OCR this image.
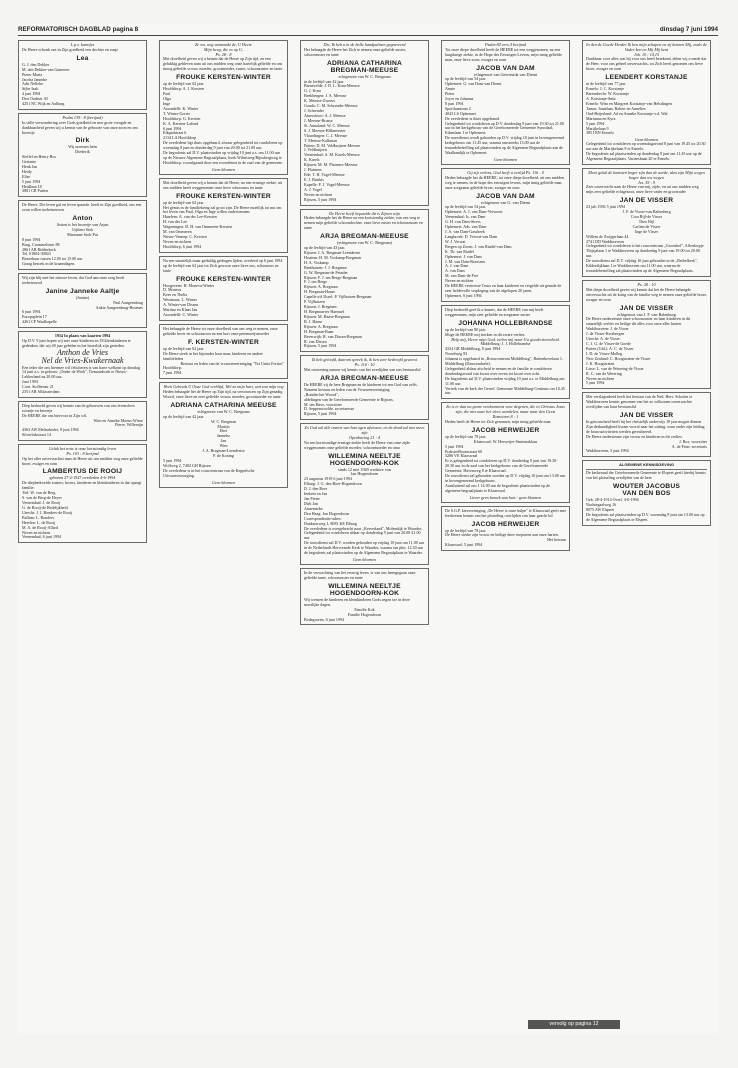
REFORMATORISCH DAGBLAD pagina 8	dinsdag 7 juni 1994
L.p.v. kaartjes
De Heere schonk ons in Zijn goedheid een dochter en zusje
Lea
G. J. den Dekker
M. den Dekker-van Gameren
Pieter Maria
Jacoba Janneke
Adri Nelleke
Sijbe Izak
4 juni 1994
Den Oudestr 30
4251 NC Wijk en Aalburg
Psalm 139 : 8 (berijmd)
In stille verwondering over Gods goedheid en met grote vreugde en dankbaarheid geven wij u kennis van de geboorte van onze zoon en ons broertje
Dirk
Wij noemen hem
Diederik
Steffel en Henry Bos
Geriante
Henk Jan
Heidy
Elise
5 juni 1994
Heidlaan 18
3881 CB Putten
De Heere, Die leven gaf en leven spaarde, heeft in Zijn goedheid, ons een zoon willen toebetrouwen
Anton
Anton is het broertje van Arjan
Gijsbert Stok
Marianne Stok-Put
8 juni 1994
Burg. Crommelinstr 88
2861 AB Ridderkerk
Tel. 01804-30843
Bezoekuur tussen 12.00 tot 15.00 uur
Graag bezoek in de kraamdagen.
Wij zijn blij met het nieuwe leven, dat God aan onze zorg heeft toebetrouwd
Janine Janneke Aaltje
(Janine)
Paul Aangeenbrug
Ankie Aangeenbrug-Houmes
6 juni 1994
Europaplein 17
4261 CP Waalkapelle
1954 In plaats van kaarten 1994
Op D.V. 9 juni hopen wij met onze kinderen en 18 kleinkinderen te gedenken, dat wij 40 jaar geleden in het huwelijk zijn getreden.
Anthon de Vries
Nel de Vries-Kwakernaak
Een ieder die ons hiermee wil feliciteren is van harte welkom op dinsdag 14 juni a.s. in gebouw „Onder de Wiek", Tiemanshoek te Nieuw-Lekkerland na 20.00 uur.
Juni 1994
Corn. Stolltenstr 21
2351 AB Alblasserdam
Diep bedroefd geven wij kennis van de gebouwen van ons levenslove zoontje en broertje.
De HEERE die ons hiervoor in Zijn wil.
Wim en Anneke Moens-Wiese
Pierre, Willemijn
4363 AW Melisekerke, 8 juni 1994
Silverbrkstraat 14
Geluk het trots is onze kortstondig leven
Ps. 103 : 8 berijmd
Op het aller onverwachtst nam de Heere uit ons midden weg onze geliefde broer, zwager en oom
LAMBERTUS DE ROOIJ
geboren 27-2-1927 overleden 4-6-1994
De diepbedroefde zusters, broers, kinderen en kleinkinderen in dat opzegt familie:
Tiel: W. van de Berg
S. van de Berg-de Heyer
Veenendaal: J. de Rooij
G. de Rooij-de Bedelijkheid
Utrecht: J. J. Bonders-de Rooij
Ballum: L. Ronders
Heerlen: L. de Rooij
M. A. de Rooij-Allard
Neven en nichten
Veenendaal, 6 juni 1994
Ze wo, nog vanmaakt de, U Heere
Mijn heeg, die ex op U,
Ps. 28 : 8
Met droefheid geven wij u kennis dat de Heere op Zijn tijd, en een gelukkig gebleven nam uit ons midden weg onze hartelijk geliefde en ons inoog geliefde vrouw, moeder, grootmoeder, zuster, schoonzuster en tante
FROUKE KERSTEN-WINTER
op de leeftijd van 62 jaar.
Hoofddorp: A. J. Kersten
Paul
Olga
Inge
Assendelft: K. Winter
T. Winter-Gorter
Hoofddorp: G. Kersten
K. A. Kersten-Lafond
6 juni 1994
Eikpadstraat 6
2134 LA Hoofddorp
De overledene ligt thuis opgebaard, alwaar gelegenheid tot condoleren op woensdag 8 juni en donderdag 9 juni van 20.00 tot 21.00 uur.
De begrafenis zal D.V. plaatsvinden op vrijdag 10 juni a.s. om 11.00 uur op de Nieuwe Algemene Begraafplaats, hoek Wilnisweg/Rijnsbergweg te Hoofddorp, voorafgaand door een rouwdienst in de zaal van de gemeente.
Geen bloemen
Met droefheid geven wij u kennis dat de Heere, na een ernstige ziekte, uit ons midden heeft weggenomen onze lieve schoonzus en tante
FROUKE KERSTEN-WINTER
op de leeftijd van 62 jaar.
Het gemis in de familiekring zal groot zijn. De Heere moeilijk tot nut om het leven van Paul, Olga en Inge willen ondersteunen.
Haarlem: A. van der Lee-Kersten
H. van der Lee
Wageningen: D. H. van Ommeren-Kersten
M. van Ommeren
Nieuw-Vennep: C. Kersten
Neven en nichten
Hoofddorp, 6 juni 1994
Na een smartelijk maar geduldig gedragen lijden, overleed op 6 juni 1994 op de leeftijd van 62 jaar tot Zich gewoon onze lieve zus, schoonzus en tante
FROUKE KERSTEN-WINTER
Hoogeveen: H. Moneva-Winter
D. Moneva
Kees en Thelia
Westmaas: L. Winter
A. Winter-van Dissen
Martina en Klaas Jan
Assendelft: C. Winter
Het behaagde de Heere tot onze droefheid van ons weg te nemen, onze geliefde broer en schoonzoon na een kort onze petemoeijsmoeder
F. KERSTEN-WINTER
op de leeftijd van 62 jaar.
De Heere steek in het bijzonder haar man, kinderen en andere familieleden
Bestuur en leden van de vrouwenvereniging "Via Unita Fortior"
Hoofddorp,
7 juni 1994
Week Gebreds U Onze God verblijd, Wel zo mijn hart, wat zou mijn oog
Heden behaagde het de Heere op Zijn tijd, na vertrouwen op Zijn genadig Woord, onze lieve en zeer geliefde vrouw, moeder, grootmoeder en tante
ADRIANA CATHARINA MEEUSE
echtgenote van W. C. Bregman
op de leeftijd van 42 jaar.
W. C. Bregman
Martijn
Eber
Janneke
Jan
Wim
J. A. Bregman-Leendertse
P. de Koning
5 juni 1994
Wolfweg 2, 7482 GH Rijssen
De overledene is in het rouwcentrum van de Keppelsche Uitvaartverzorging.
Geen bloemen
Die, Ik heb u in de holle handpalmen gegraveerd
Het behaagde de Heere het Zich te nemen onze geliefde zuster, schoonzuster en tante
ADRIANA CATHARINA
BREGMAN-MEEUSE
echtgenote van W. C. Bregman
in de leeftijd van 42 jaar.
Barnevelde: J. D. L. Krna-Meeuse
G. J. Krna
Beekbergen: J. A. Meeuse
K. Meeuse-Zwerus
Gouda: C. M. Schreuder-Meeuse
J. Schreuder
Amersfoort: A. J. Meeuse
J. Meeuse-Brusse
St. Annaland: W. C. Meeuse
S. J. Meeuse-Hilkmeester
Vlaardingen: C. J. Meeuse
T. Meeuse-Kalkman
Putten: D. M. Veldhuijzen-Meeuse
J. Veldhuijzen
Veenendaal: A. M. Karels-Meeuse
K. Karels
Rijssen: M. M. Plaimers-Meeuse
J. Plaimers
Ede: T. H. Vogel-Meeuse
E. J. Brinkis
Kapelle: F. J. Vogel-Meeuse
A. J. Vogel
Neven en nichten
Rijssen, 5 juni 1994
De Heere heeft bepaalde dit is Zijnen wijn
Heden behaagde het de Heere na een kortstondig ziekte, van ons weg te nemen mijn geliefde schoondochter, onze lieve zuster en schoonzuster en tante
ARJA BREGMAN-MEEUSE
(echtgenote van W. C. Bregman)
op de leeftijd van 43 jaar.
Rijssen: J. A. Bregman-Leendertse
Houtem: H. M. Voskamp-Bregman
H. A. Voskamp
Benthuizen: J. J. Bregman
G. W. Bregman-de Peinder
Rijssen: F. J. ten Berge-Bregman
F. J. ten Berge
Rijssen: A. Bregman
H. Bregman-Haase
Capelle a/d IJssel: P. Vijfhuizen-Bregman
P. Vijfhuizen
Rijssen: J. Bregman
H. Bregman-ter Harmsel
Rijssen: M. Haase-Bregman
B. J. Haase
Rijssen: A. Bregman
H. Bregman-Baan
Beverwijk: R. van Dissen-Bregman
R. van Dissen
Rijssen, 5 juni 1994
Ik heb geloofd, daarom spreek ik, ik ben zeer bedroefd geweest
Ps. 116 : 10
Met ontroering namen wij kennis van het overlijden van ons bestuurslid
ARJA BREGMAN-MEEUSE
De HEERE zij de here Bregman en de kinderen tot een God van zelfs.
Namens bestuur en leden van de Vrouwenvereniging
„Bonden het Woord",
afdelingen van de Gereformeerde Gemeente te Rijssen,
M. ten Have, voorzitter
D. Seppenwoolde, secretaresse
Rijssen, 5 juni 1994
Zo God zal alle tranen van hun ogen afwissen, en de dood zal niet meer zijn
Openbaring 21 : 4
Na een kortstondige ernstige ziekte heeft de Heere van onze zijde weggenomen onze geliefde moeder, schoonmoeder en oma
WILLEMINA NEELTJE
HOGENDOORN-KOK
sinds 12 mei 1949 weduwe van
Jan Hogendoorn
23 augustus 1919 6 juni 1994
Elburg: J. G. den Boer-Hogendoorn
D. J. den Boer
Ineketa en Jan
Jan Pieter
Dirk Jan
Annemieke
Den Haag: Jan Hogendoorn
Correspondentie-adres:
Danksterweg 1, 8081 KE Elburg
De overledene is overgebracht naar „Kerverland", Molendijk te Waarder.
Gelegenheid tot condoleren aldaar op donderdag 9 juni van 20.00-21.00 uur.
De rouwdienst zal D.V. worden gehouden op vrijdag 10 juni om 11.00 uur in de Nederlands Hervormde Kerk te Waarder, waarna om plm. 12.30 uur de begrafenis zal plaatsvinden op de Algemene Begraafplaats te Waarder.
Geen bloemen
In de verwachting van het eeuwig leven, is van ons heengegaan onze geliefde tante, schoonzuster en tante
WILLEMINA NEELTJE
HOGENDOORN-KOK
Wij wensen de kinderen en kleinkinderen Gods zegen toe in deze moeilijke dagen.
Familie Kok
Familie Hogendoorn
Bodegraven, 6 juni 1994
Psalm 84 vers 4 berijmd
Tot onze diepe droefheid heeft de HEERE tot een weggenomen, na een langdurige ziekte, in de Hope des Eeuwigen Levens, mijn innig geliefde man, onze lieve zoon, zwager en oom
JACOB VAN DAM
echtgenoot van Geertruida van Diemt
op de leeftijd van 54 jaar.
Ophemert: G. van Dam-van Diemt
Annie
Pieter
Joyce en Johanna
8 juni 1994
Sportlaantraat 2
4043 LS Ophemert
De overledene is thuis opgebaard.
Gelegenheid tot condoleren op D.V. donderdag 9 juni van 19.30 tot 21.00 uur in het kerkgebouw van de Gereformeerde Gemeente Synodaal, Eikenlaan 1 te Ophemert.
De rouwdienst wordt gehouden op D.V. vrijdag 10 juni in bovengenoemd kerkgebouw om 11.45 uur, waarna omstreeks 13.00 uur de teraardebestelling zal plaatsvinden op de Algemene Begraafplaats aan de Waalbandijk te Ophemert.
Geen bloemen
Gij zijt verlost, God heeft u verlijd Ps. 116 : 4
Heden behaagde het de HEERE, tot onze diepe droefheid, uit ons midden weg te nemen, in de hope des eeuwigen levens, mijn innig geliefde man, onze zorgzame geliefde broer, zwager en oom
JACOB VAN DAM
echtgenoot van G. van Diemt
op de leeftijd van 54 jaar.
Ophemert: A. J. van Dam-Verwoert
Veenendaal: Is. van Dam
G. H. van Dam-Stress
Ophemert: Ads. van Dam
J. A. van Dam-Gassbeek
Langbroek: D. Verwat-van Dam
W. J. Verwat
Bergen op Zoom: J. van Riadel-van Dam
K. Th. van Riadel
Ophemert: J. van Dam
J. M. van Dam-Boersma
A. J. van Dam
A. van Dam
M. van Dam-de Fret
Neven en nichten
De HEERE vertroeste Truus en haar kinderen en vergelde uit genade de zeer liefdevolle verpleging van de afgelopen 20 jaren.
Ophemert, 6 juni 1994
Diep bedroefd geef ik u kennis, dat de HEERE van mij heeft weggenomen, mijn zeer geliefde en zorgzame zuster
JOHANNA HOLLEBRANDSE
op de leeftijd van 80 jaar.
Moge de HEERE mij sterken in dit zware verlies.
Help mij, Heere mijn God, verlos mij naar Uw goedertierenheid.
Middelburg: J. J. Hollebrandse
4334 GR Middelburg, 8 juni 1994
Noordweg 93
Johanna is opgebaard in „Rouwcentrum Middelburg", Buitenhovelaan 1, Middelburg (Dauwendaele).
Gelegenheid aldaar afscheid te nemen en de familie te condoleren donderdagavond van kwart over zeven tot kwart over acht.
De begrafenis zal D.V. plaatsvinden vrijdag 10 juni a.s. te Middelburg om 11.00 uur.
Vertrek van de kerk der Gerref. Gemeente Middelburg-Centrum om 10.45 uur.
Zo is er dan nu geene verdoemenis voor degenen, die in Christus Jezus zijn, die niet naar het vlees wandelen, maar naar den Geest
Romeinen 8 : 1
Heden heeft de Heere tot Zich genomen, mijn innig geliefde man
JACOB HERWEIJER
op de leeftijd van 78 jaar.
Klaaswaal: W. Herweijer-Sintemaklaas
5 juni 1994
PraksterBoomstraat 60
3286 VE Klaaswaal
Er is gelegenheid tot condoleren op D.V. donderdag 9 juni van 19.30-20.30 uur in de zaal van het kerkgebouw van de Gereformeerde Gemeente, Havenweg 8 te Klaaswaal.
De rouwdienst zal gehouden worden op D.V. vrijdag 10 juni om 13.00 uur in bovengenoemd kerkgebouw.
Aansluitend zal om 1 14.00 uur de begrafenis plaatsvinden op de algemene begraafplaats te Klaaswaal.
Liever geen bezoek aan huis - geen bloemen
De S.G.P. kiesvereniging „De Heere is onze hulpe" te Klaaswaal geeft met leedwezen kennis van het plotseling overlijden van haar geacht lid
JACOB HERWEIJER
op de leeftijd van 78 jaar.
De Heere sterke zijn vrouw en heilige deze roepsteen aan onze harten.
Het bestuur
Klaaswaal, 5 juni 1994
In den de Goede Herder Ik ben mijn schapen en zij kennen Mij, zoals de Vader ken en Mij Mij kent
Joh. 10 : 14,15
Dankbaar voor alles wat hij voor ons heeft betekend, delen wij u mede dat de Heer, voor ons geheel onverwachts, tot Zich heeft genomen ons lieve broer, zwager en oom
LEENDERT KORSTANJE
in de leeftijd van 77 jaar.
Ermelo: J. C. Korstanje
Barendrecht: W. Korstanje
A. Korstanje-Smit
Ermelo: Wim en Margreet Korstanje-van Helsdingen
Tamar, Jonathan, Robert en Annelies
Oud-Beijerland: Ad en Anneke Korstanje-v.d. Wal
Marianna en Kyra
5 juni 1994
Marijkelaan 9
3851 RN Ermelo
Geen bloemen
Gelegenheid tot condoleren op woensdagavond 8 juni van 19.45 tot 20.30 uur aan de Marijkelaan 9 te Ermelo.
De begrafenis zal plaatsvinden op donderdag 9 juni om 11.45 uur op de Algemene Begraafplaats, Variaesbaan 20 te Ermelo.
Mooi geluk de komsten hoger zijn dan de aarde, alzo zijn Mijn wegen hoger dan uw wegen
Jes. 55 : 9
Zeer onverwacht nam de Heere van mij, zijde, en uit ons midden weg mijn zeer geliefde echtgenoot, onze lieve vader en grootvader
JAN DE VISSER
23 juli 1936 5 juni 1994
J. F. de Visser-van Balemberg
Cora Bijl-de Visser
Theo Bijl
Carlien de Visser
Inge de Visser
Willem de Zwijgerlaan 44
2741 DD Waddinxveen
Gelegenheid tot condoleren is het rouwcentrum „Groenhof", Alferdorpje Thijsjalaan 1 te Waddinxveen op donderdag 9 juni van 19.00 tot 20.00 uur.
De rouwdienst zal D.V. vrijdag 10 juni gehouden in de „Bethelkerk", Kilderdijklaan 1 te Waddinxveen om 11.00 uur, waarna de teraardebestelling zal plaatsvinden op de Algemene Begraafplaats.
Ps. 28 : 10
Met diepe droefheid geven wij kennis dat het de Heere behaagde onverwachts uit de kring van de familie weg te nemen onze geliefde broer, zwager en oom
JAN DE VISSER
echtgenoot van J. F. van Balenburg
De Heere ondersteune onze schoonzuster en haar kinderen in dit smartelijk verlies en heilige dit alles voor onze aller harten.
Waddinxveen: J. de Visser
J. de Visser-Kersbergen
Utrecht: A. de Visser
C. J. G. de Visser-de Goede
Putten (Gld.): A. C. de Visser
I. D. de Visser-Molleg
New Zealand: C. Hoogstraten-de Visser
J. K. Hoogstraten
Lisse: L. van de Wetering-de Visser
R. C. van de Wetering
Neven en nichten
5 juni 1994
Met verslagenheid heeft het bestuur van de Ned. Herv. Scholen te Waddinxveen kennis genomen van het zo volkomen onverwachte overlijden van haar bestuurslid
JAN DE VISSER
In getrouwheid heeft hij het christelijk onderwijs 18 jaar mogen dienen. Zijn deskundigheid kwam vooral naar het uitting, waar onder zijn leiding de bouwactiviteiten werden gerealiseerd.
De Heere ondersteune zijn vrouw en kinderen in dit verlies.
J. Boz, voorzitter
A. de Pater, secretaris
Waddinxveen, 5 juni 1994
ALGEMENE KENNISGEVING
De kerkeraad der Gereformeerde Gemeente te Elspeet geeft hierbij kennis van het plotseling overlijden van de heer
WOUTER JACOBUS
VAN DEN BOS
Geb. 28-4-1914 Overl. 4-6-1994
Nachtegaalweg 16
8075 AW Elspeet
De begrafenis zal plaatsvinden op D.V. woensdag 8 juni om 13.00 uur op de Algemene Begraafplaats te Elspeet.
vervolg op pagina 12
